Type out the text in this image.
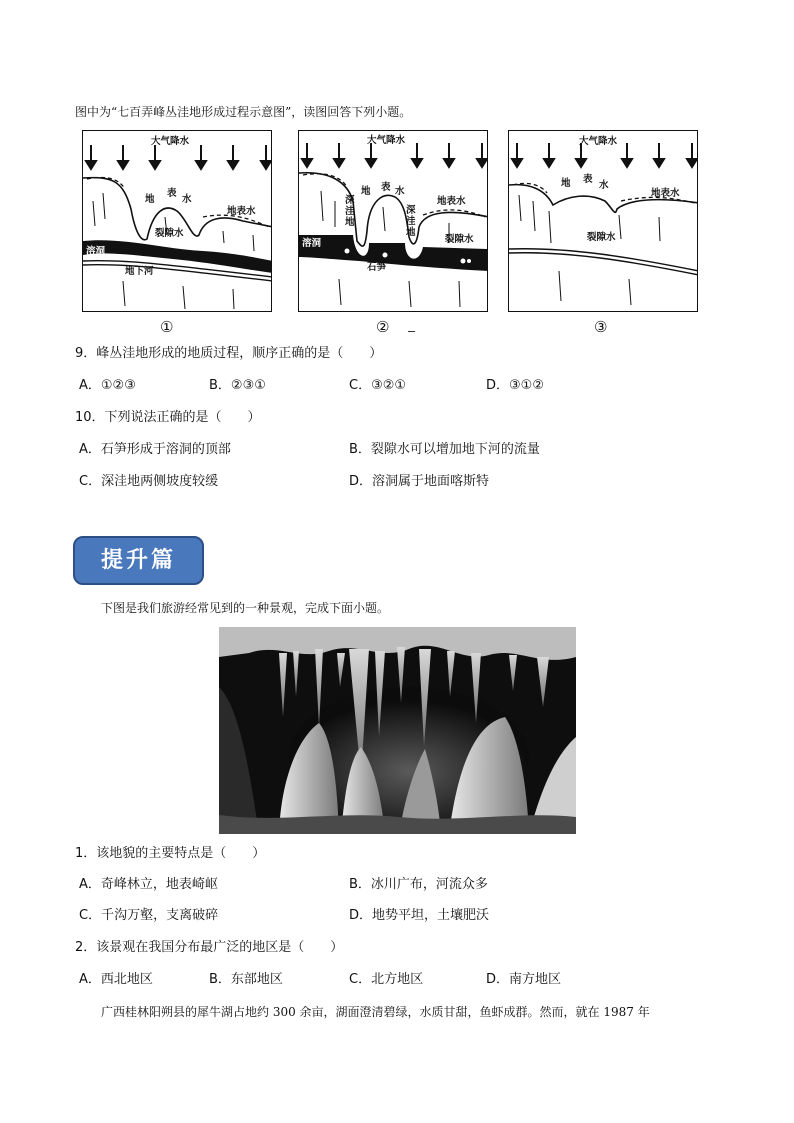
图中为“七百弄峰丛洼地形成过程示意图”，读图回答下列小题。
大气降水
地
表
水
地表水
裂隙水
溶洞
地下河
①
大气降水
地 表 水
地表水
深洼地
深洼地
裂隙水
溶洞
石笋
②
大气降水
地 表
水
地表水
裂隙水
③
9．峰丛洼地形成的地质过程，顺序正确的是（　　）
A．①②③	B．②③①	C．③②①	D．③①②
10．下列说法正确的是（　　）
A．石笋形成于溶洞的顶部	B．裂隙水可以增加地下河的流量
C．深洼地两侧坡度较缓	D．溶洞属于地面喀斯特
提升篇
下图是我们旅游经常见到的一种景观，完成下面小题。
1．该地貌的主要特点是（　　）
A．奇峰林立，地表崎岖	B．冰川广布，河流众多
C．千沟万壑，支离破碎	D．地势平坦，土壤肥沃
2．该景观在我国分布最广泛的地区是（　　）
A．西北地区	B．东部地区	C．北方地区	D．南方地区
广西桂林阳朔县的犀牛湖占地约 300 余亩，湖面澄清碧绿，水质甘甜，鱼虾成群。然而，就在 1987 年
